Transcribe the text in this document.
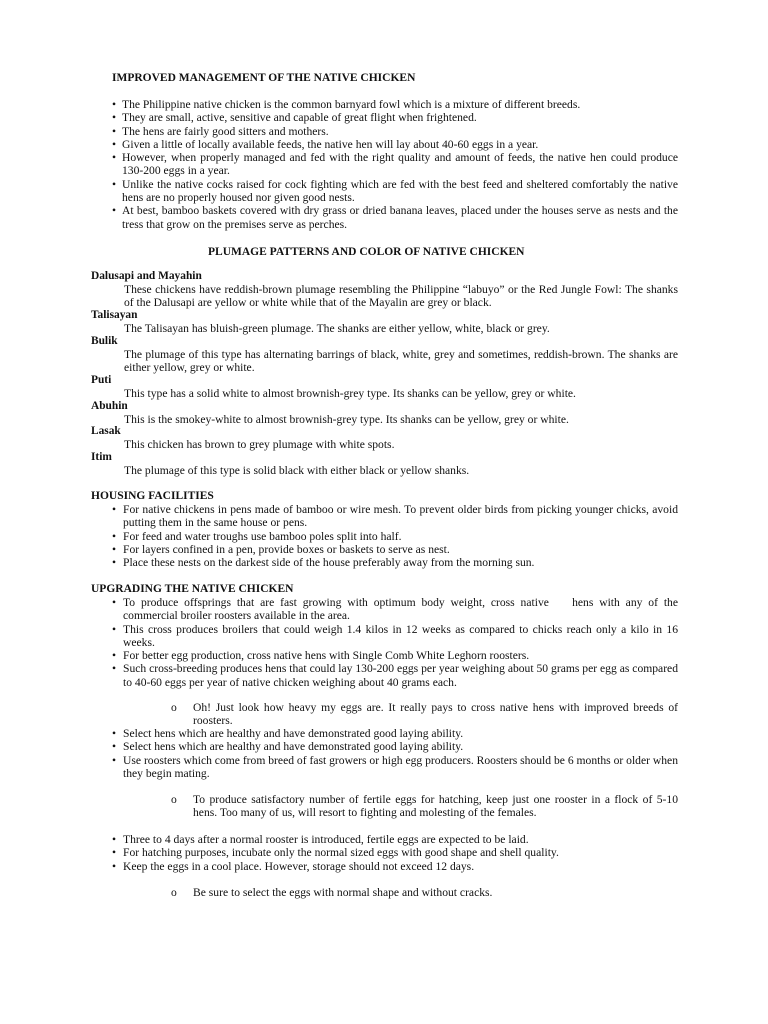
IMPROVED MANAGEMENT OF THE NATIVE CHICKEN
• The Philippine native chicken is the common barnyard fowl which is a mixture of different breeds.
• They are small, active, sensitive and capable of great flight when frightened.
• The hens are fairly good sitters and mothers.
• Given a little of locally available feeds, the native hen will lay about 40-60 eggs in a year.
• However, when properly managed and fed with the right quality and amount of feeds, the native hen could produce 130-200 eggs in a year.
• Unlike the native cocks raised for cock fighting which are fed with the best feed and sheltered comfortably the native hens are no properly housed nor given good nests.
• At best, bamboo baskets covered with dry grass or dried banana leaves, placed under the houses serve as nests and the tress that grow on the premises serve as perches.
PLUMAGE PATTERNS AND COLOR OF NATIVE CHICKEN
Dalusapi and Mayahin
These chickens have reddish-brown plumage resembling the Philippine “labuyo” or the Red Jungle Fowl: The shanks of the Dalusapi are yellow or white while that of the Mayalin are grey or black.
Talisayan
The Talisayan has bluish-green plumage. The shanks are either yellow, white, black or grey.
Bulik
The plumage of this type has alternating barrings of black, white, grey and sometimes, reddish-brown. The shanks are either yellow, grey or white.
Puti
This type has a solid white to almost brownish-grey type. Its shanks can be yellow, grey or white.
Abuhin
This is the smokey-white to almost brownish-grey type. Its shanks can be yellow, grey or white.
Lasak
This chicken has brown to grey plumage with white spots.
Itim
The plumage of this type is solid black with either black or yellow shanks.
HOUSING FACILITIES
• For native chickens in pens made of bamboo or wire mesh. To prevent older birds from picking younger chicks, avoid putting them in the same house or pens.
• For feed and water troughs use bamboo poles split into half.
• For layers confined in a pen, provide boxes or baskets to serve as nest.
• Place these nests on the darkest side of the house preferably away from the morning sun.
UPGRADING THE NATIVE CHICKEN
• To produce offsprings that are fast growing with optimum body weight, cross native  hens with any of the commercial broiler roosters available in the area.
• This cross produces broilers that could weigh 1.4 kilos in 12 weeks as compared to chicks reach only a kilo in 16 weeks.
• For better egg production, cross native hens with Single Comb White Leghorn roosters.
• Such cross-breeding produces hens that could lay 130-200 eggs per year weighing about 50 grams per egg as compared to 40-60 eggs per year of native chicken weighing about 40 grams each.
o Oh! Just look how heavy my eggs are. It really pays to cross native hens with improved breeds of roosters.
• Select hens which are healthy and have demonstrated good laying ability.
• Select hens which are healthy and have demonstrated good laying ability.
• Use roosters which come from breed of fast growers or high egg producers. Roosters should be 6 months or older when they begin mating.
o To produce satisfactory number of fertile eggs for hatching, keep just one rooster in a flock of 5-10 hens. Too many of us, will resort to fighting and molesting of the females.
• Three to 4 days after a normal rooster is introduced, fertile eggs are expected to be laid.
• For hatching purposes, incubate only the normal sized eggs with good shape and shell quality.
• Keep the eggs in a cool place. However, storage should not exceed 12 days.
o Be sure to select the eggs with normal shape and without cracks.
